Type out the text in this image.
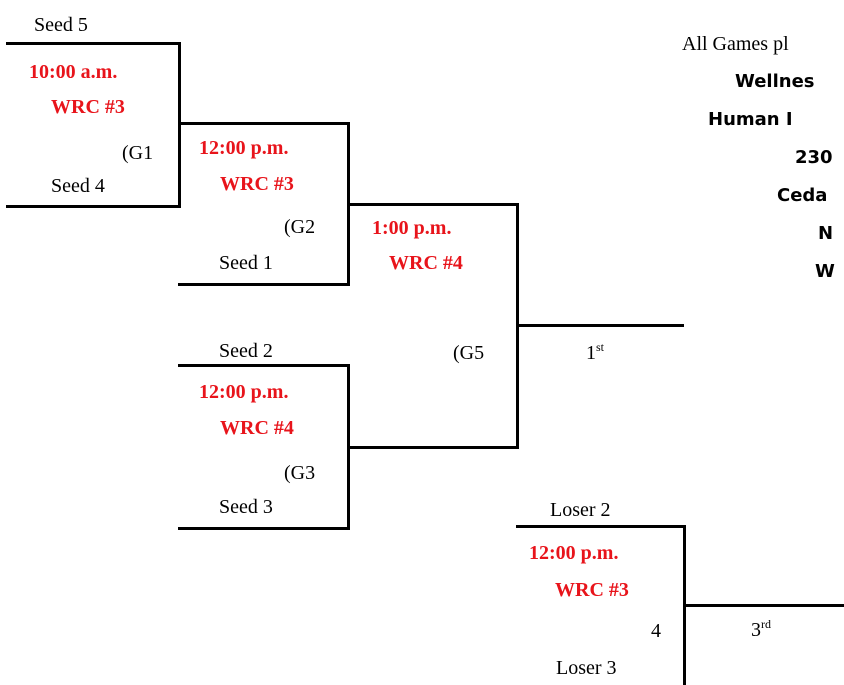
Seed 5
10:00 a.m.
WRC #3
(G1
Seed 4
12:00 p.m.
WRC #3
(G2
Seed 1
1:00 p.m.
WRC #4
(G5	1st
Seed 2
12:00 p.m.
WRC #4
(G3
Seed 3	Loser 2
12:00 p.m.
WRC #3
4
Loser 3
3rd
All Games pl
Wellnes
Human I
230
Ceda
N
W
